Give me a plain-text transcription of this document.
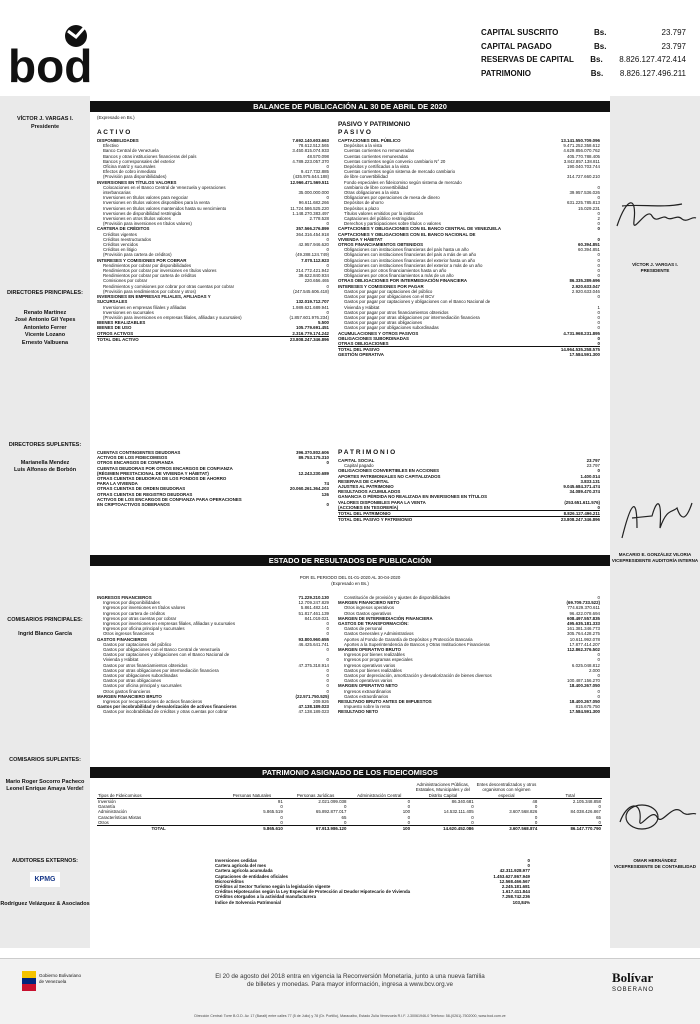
bod
CAPITAL SUSCRITO	Bs.	23.797
CAPITAL PAGADO	Bs.	23.797
RESERVAS DE CAPITAL	Bs.	8.826.127.472.414
PATRIMONIO	Bs.	8.826.127.496.211
VÍCTOR J. VARGAS I.
Presidente
DIRECTORES PRINCIPALES:
Renato Martínez
José Antonio Gil Yepes
Antonieto Ferrer
Vicente Lozano
Ernesto Valbuena
DIRECTORES SUPLENTES:
Marianella Mendez
Luis Alfonso de Borbón
COMISARIOS PRINCIPALES:
Ingrid Blanco García
COMISARIOS SUPLENTES:
Mario Roger Socorro Pacheco
Leonel Enrique Amaya Verde!
AUDITORES EXTERNOS:
KPMG
Rodríguez Velázquez & Asociados
VÍCTOR J. VARGAS I.
PRESIDENTE
MACARIO E. GONZÁLEZ VILORIA
VICEPRESIDENTE AUDITORÍA INTERNA
OMAR HERNÁNDEZ
VICEPRESIDENTE DE CONTABILIDAD
BALANCE DE PUBLICACIÓN AL 30 DE ABRIL DE 2020
(Expresado en Bs.)
A C T I V O
PASIVO Y PATRIMONIO
P A S I V O
DISPONIBILIDADES	7.692.140.603.663
Efectivo	78.612.512.565
Banco Central de Venezuela	3.450.815.074.933
Bancos y otras instituciones financieras del país	48.570.098
Bancos y corresponsales del exterior	4.789.223.057.370
Oficina matriz y sucursales	0
Efectos de cobro inmediato	9.417.732.885
(Provisión para disponibilidades)	(435.975.644.188)
INVERSIONES EN TÍTULOS VALORES	12.966.471.569.511
Colocaciones en el Banco Central de Venezuela y operaciones
interbancarias	35.000.000.000
Inversiones en títulos valores para negociar	0
Inversiones en títulos valores disponibles para la venta	96.611.682.266
Inversiones en títulos valores mantenidos hasta su vencimiento	11.724.586.525.220
Inversiones de disponibilidad restringida	1.148.270.383.497
Inversiones en otros títulos valores	2.778.528
(Provisión para inversiones en títulos valores)	0
CARTERA DE CRÉDITOS	357.566.276.899
Créditos vigentes	364.316.454.918
Créditos reestructurados	0
Créditos vencidos	42.957.946.620
Créditos en litigio	0
(Provisión para cartera de créditos)	(49.288.124.749)
INTERESES Y COMISIONES POR COBRAR	7.070.112.923
Rendimientos por cobrar por disponibilidades	0
Rendimientos por cobrar por inversiones en títulos valores	214.772.421.942
Rendimientos por cobrar por cartera de créditos	39.622.840.934
Comisiones por cobrar	220.656.465
Rendimientos y comisiones por cobrar por otras cuentas por cobrar	0
(Provisión para rendimientos por cobrar y otros)	(247.545.606.418)
INVERSIONES EN EMPRESAS FILIALES, AFILIADAS Y
SUCURSALES	132.019.712.707
Inversiones en empresas filiales y afiliadas	1.989.621.689.941
Inversiones en sucursales	0
(Provisión para inversiones en empresas filiales, afiliadas y sucursales)	(1.857.601.976.234)
BIENES REALIZABLES	5.500
BIENES DE USO	105.779.691.451
OTROS ACTIVOS	2.316.779.174.242
TOTAL DEL ACTIVO	23.808.247.346.896
CAPTACIONES DEL PÚBLICO	13.141.550.709.096
Depósitos a la vista	9.471.252.358.612
Cuentas corrientes no remuneradas	4.629.856.070.762
Cuentas corrientes remuneradas	405.770.788.405
Cuentas corrientes según convenio cambiario N° 20	3.842.857.138.811
Depósitos y certificados a la vista	190.040.703.744
Cuentas corrientes según sistema de mercado cambiario
de libre convertibilidad	314.727.660.210
Fondo especiales en fideicomiso según sistema de mercado
cambiario de libre convertibilidad	0
Otras obligaciones a la vista	39.957.536.026
Obligaciones por operaciones de mesa de dinero	0
Depósitos de ahorro	631.225.785.813
Depósitos a plazo	15.029.231
Títulos valores emitidos por la institución	0
Captaciones del público restringidas	2
Derechos y participaciones sobre títulos o valores	0
CAPTACIONES Y OBLIGACIONES CON EL BANCO CENTRAL DE VENEZUELA	0
CAPTACIONES Y OBLIGACIONES CON EL BANCO NACIONAL DE
VIVIENDA Y HÁBITAT	0
OTROS FINANCIAMIENTOS OBTENIDOS	60.394.851
Obligaciones con instituciones financieras del país hasta un año	60.394.851
Obligaciones con instituciones financieras del país a más de un año	0
Obligaciones con instituciones financieras del exterior hasta un año	0
Obligaciones con instituciones financieras del exterior a más de un año	0
Obligaciones por otros financiamientos hasta un año	0
Obligaciones por otros financiamientos a más de un año	0
OTRAS OBLIGACIONES POR INTERMEDIACIÓN FINANCIERA	86.335.289.696
INTERESES Y COMISIONES POR PAGAR	2.920.633.047
Gastos por pagar por captaciones del público	2.920.633.046
Gastos por pagar por obligaciones con el BCV	0
Gastos por pagar por captaciones y obligaciones con el Banco Nacional de
Vivienda y Hábitat	1
Gastos por pagar por otros financiamientos obtenidos	0
Gastos por pagar por otras obligaciones por intermediación financiera	0
Gastos por pagar por otras obligaciones	0
Gastos por pagar por obligaciones subordinadas	0
ACUMULACIONES Y OTROS PASIVOS	4.731.968.231.895
OBLIGACIONES SUBORDINADAS	0
OTRAS OBLIGACIONES	0
TOTAL DEL PASIVO	14.964.535.258.575
GESTIÓN OPERATIVA	17.584.591.300
CUENTAS CONTINGENTES DEUDORAS	396.370.802.606
ACTIVOS DE LOS FIDEICOMISOS	89.753.175.310
OTROS ENCARGOS DE CONFIANZA	0
CUENTAS DEUDORAS POR OTROS ENCARGOS DE CONFIANZA
(RÉGIMEN PRESTACIONAL DE VIVIENDA Y HÁBITAT)	12.243.230.689
OTRAS CUENTAS DEUDORAS DE LOS FONDOS DE AHORRO
PARA LA VIVIENDA	74
OTRAS CUENTAS DE ORDEN DEUDORAS	20.060.261.364.203
OTRAS CUENTAS DE REGISTRO DEUDORAS	126
ACTIVOS DE LOS ENCARGOS DE CONFIANZA PARA OPERACIONES
EN CRIPTOACTIVOS SOBERANOS	0
P A T R I M O N I O
CAPITAL SOCIAL	23.797
Capital pagado	23.797
OBLIGACIONES CONVERTIBLES EN ACCIONES	0
APORTES PATRIMONIALES NO CAPITALIZADOS	1.400.014
RESERVAS DE CAPITAL	3.833.131
AJUSTES AL PATRIMONIO	9.045.684.371.474
RESULTADOS ACUMULADOS	34.089.470.374
GANANCIA O PÉRDIDA NO REALIZADA EN INVERSIONES EN TÍTULOS
VALORES DISPONIBLES PARA LA VENTA	(253.651.611.576)
(ACCIONES EN TESORERÍA)	0
TOTAL DEL PATRIMONIO	8.826.127.496.211
TOTAL DEL PASIVO Y PATRIMONIO	23.808.247.346.896
ESTADO DE RESULTADOS DE PUBLICACIÓN
POR EL PERIODO DEL 01-01-2020 AL 30-04-2020
(Expresado en Bs.)
INGRESOS FINANCIEROS	71.229.210.130
Ingresos por disponibilidades	12.709.247.829
Ingresos por inversiones en títulos valores	5.861.482.141
Ingresos por cartera de créditos	51.817.461.139
Ingresos por otras cuentas por cobrar	841.019.021
Ingresos por inversiones en empresas filiales, afiliadas y sucursales	0
Ingresos por oficina principal y sucursales	0
Otros ingresos financieros	0
GASTOS FINANCIEROS	93.800.960.655
Gastos por captaciones del público	46.425.641.741
Gastos por obligaciones con el Banco Central de Venezuela	0
Gastos por captaciones y obligaciones con el Banco Nacional de
Vivienda y Hábitat	0
Gastos por otros financiamientos obtenidos	47.375.318.914
Gastos por otras obligaciones por intermediación financiera	0
Gastos por obligaciones subordinadas	0
Gastos por otras obligaciones	0
Gastos por oficina principal y sucursales	0
Otros gastos financieros	0
MARGEN FINANCIERO BRUTO	(22.571.750.525)
Ingresos por recuperaciones de activos financieros	209.926
Gastos por incobrabilidad y desvalorización de activos financieros	47.138.189.023
Gastos por incobrabilidad de créditos y otras cuentas por cobrar	47.138.189.023
Constitución de provisión y ajustes de disponibilidades	0
MARGEN FINANCIERO NETO	(69.709.733.522)
Otros ingresos operativos	774.629.370.611
Otros Gastos operativos	96.422.078.694
MARGEN DE INTERMEDIACIÓN FINANCIERA	608.497.557.835
GASTOS DE TRANSFORMACIÓN:	495.635.181.333
Gastos de personal	161.381.346.773
Gastos Generales y Administrativos	305.764.428.275
Aportes al Fondo de Garantía de Depósitos y Protección Bancaria	10.611.992.078
Aportes a la Superintendencia de Bancos y Otras Instituciones Financieras	17.877.414.207
MARGEN OPERATIVO BRUTO	112.862.376.502
Ingresos por bienes realizables	0
Ingresos por programas especiales	0
Ingresos operativos varios	6.025.048.812
Gastos por bienes realizables	2.000
Gastos por depreciación, amortización y desvalorización de bienes diversos	0
Gastos operativos varios	100.487.156.270
MARGEN OPERATIVO NETO	18.400.267.050
Ingresos extraordinarios	0
Gastos extraordinarios	0
RESULTADO BRUTO ANTES DE IMPUESTOS	18.400.267.050
Impuesto sobre la renta	815.675.750
RESULTADO NETO	17.584.591.300
PATRIMONIO ASIGNADO DE LOS FIDEICOMISOS
Tipos de Fideicomisos	Personas Naturales	Personas Jurídicas	Administración Central	Administraciones Públicas, Estatales, Municipales y del Distrito Capital	Entes descentralizados y otros organismos con régimen especial	Total
Inversión	91	2.021.099.038	0	86.340.681	48	2.105.348.858
Garantía	0	0	0	0	0	0
Administración	5.865.519	65.892.877.017	100	14.532.111.405	3.607.568.826	84.038.426.867
Características Mixtas	0	65	0	0	0	65
Otros	0	0	0	0	0	0
TOTAL	5.865.610	67.913.986.120	100	14.620.452.086	3.607.568.874	86.147.770.790
Inversiones cedidas	0
Cartera agrícola del mes	0
Cartera agrícola acumulada	42.311.928.977
Captaciones de entidades oficiales	1.453.627.867.949
Microcréditos	12.568.466.567
Créditos al Sector Turismo según la legislación vigente	2.245.181.681
Créditos Hipotecarios según la Ley Especial de Protección al Deudor Hipotecario de Vivienda	1.617.411.844
Créditos otorgados a la actividad manufacturera	7.258.742.236
Índice de Solvencia Patrimonial	103,84%
Gobierno Bolivariano de Venezuela
El 20 de agosto del 2018 entra en vigencia la Reconversión Monetaria, junto a una nueva familia
de billetes y monedas. Para mayor información, ingresa a www.bcv.org.ve	Bolívar
SOBERANO
Dirección Central: Torre B.O.D. Av. 17 (Baralt) entre calles 77 (5 de Julio) y 78 (Dr. Portillo), Maracaibo, Estado Zulia Venezuela R.I.F. J-30061946-0 Telefono: 58-(0261)-7502000, www.bod.com.ve
